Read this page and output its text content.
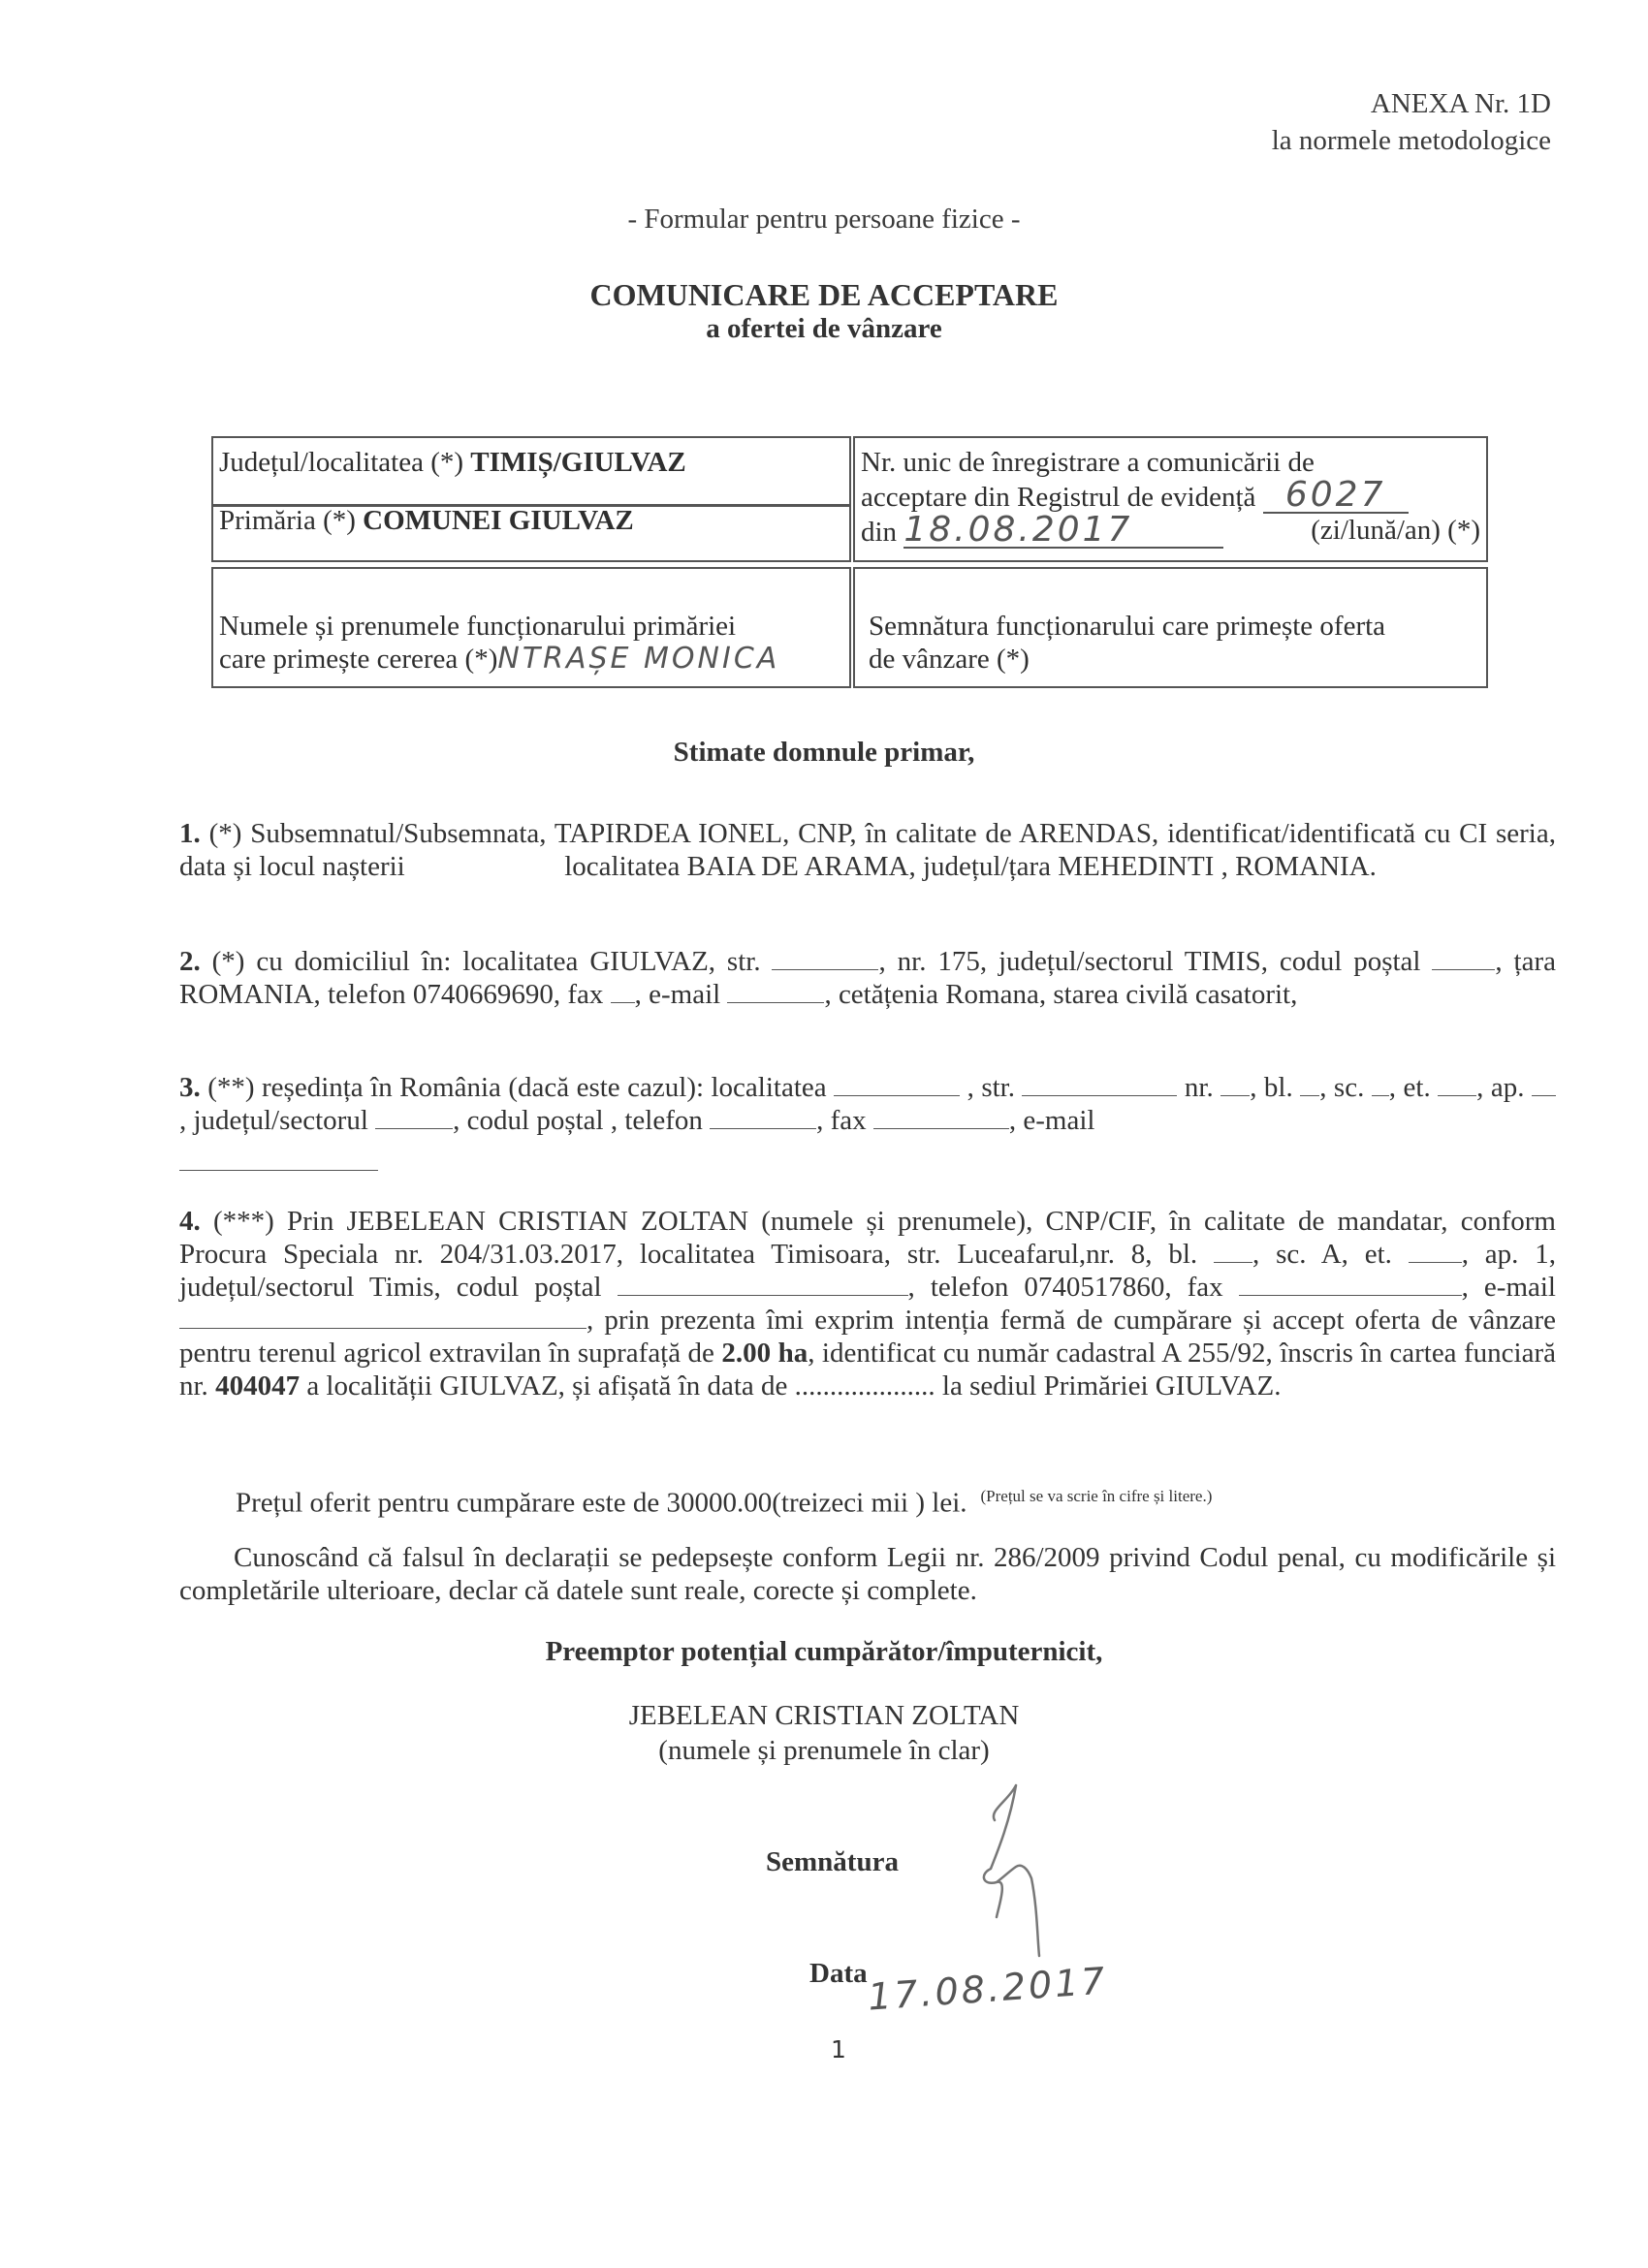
ANEXA Nr. 1D
la normele metodologice
- Formular pentru persoane fizice -
COMUNICARE DE ACCEPTARE
a ofertei de vânzare
Județul/localitatea (*) TIMIȘ/GIULVAZ
Primăria (*) COMUNEI GIULVAZ
Nr. unic de înregistrare a comunicării de
acceptare din Registrul de evidență 6027
din 18.08.2017	(zi/lună/an) (*)
Numele și prenumele funcționarului primăriei
care primește cererea (*)NTRAȘE MONICA
Semnătura funcționarului care primește oferta
de vânzare (*)
Stimate domnule primar,
1. (*) Subsemnatul/Subsemnata, TAPIRDEA IONEL, CNP, în calitate de ARENDAS, identificat/identificată cu CI seria, data și locul nașterii	localitatea BAIA DE ARAMA, județul/țara MEHEDINTI , ROMANIA.
2. (*) cu domiciliul în: localitatea GIULVAZ, str.	, nr. 175, județul/sectorul TIMIS, codul poștal , țara ROMANIA, telefon 0740669690, fax , e-mail	, cetățenia Romana, starea civilă casatorit,
3. (**) reședința în România (dacă este cazul): localitatea	, str.	nr. , bl. , sc. , et. , ap. , județul/sectorul	, codul poștal , telefon	, fax	, e-mail

4. (***) Prin JEBELEAN CRISTIAN ZOLTAN (numele și prenumele), CNP/CIF, în calitate de mandatar, conform Procura Speciala nr. 204/31.03.2017, localitatea Timisoara, str. Luceafarul,nr. 8, bl. , sc. A, et. , ap. 1, județul/sectorul Timis, codul poștal	, telefon 0740517860, fax	, e-mail , prin prezenta îmi exprim intenția fermă de cumpărare și accept oferta de vânzare pentru terenul agricol extravilan în suprafață de 2.00 ha, identificat cu număr cadastral A 255/92, înscris în cartea funciară nr. 404047 a localității GIULVAZ, și afișată în data de .................... la sediul Primăriei GIULVAZ.
Prețul oferit pentru cumpărare este de 30000.00(treizeci mii ) lei. $^{(Prețul se va scrie în cifre și litere.)}$
Cunoscând că falsul în declarații se pedepsește conform Legii nr. 286/2009 privind Codul penal, cu modificările și completările ulterioare, declar că datele sunt reale, corecte și complete.
Preemptor potențial cumpărător/împuternicit,
JEBELEAN CRISTIAN ZOLTAN
(numele și prenumele în clar)
Semnătura
Data 17.08.2017
1
